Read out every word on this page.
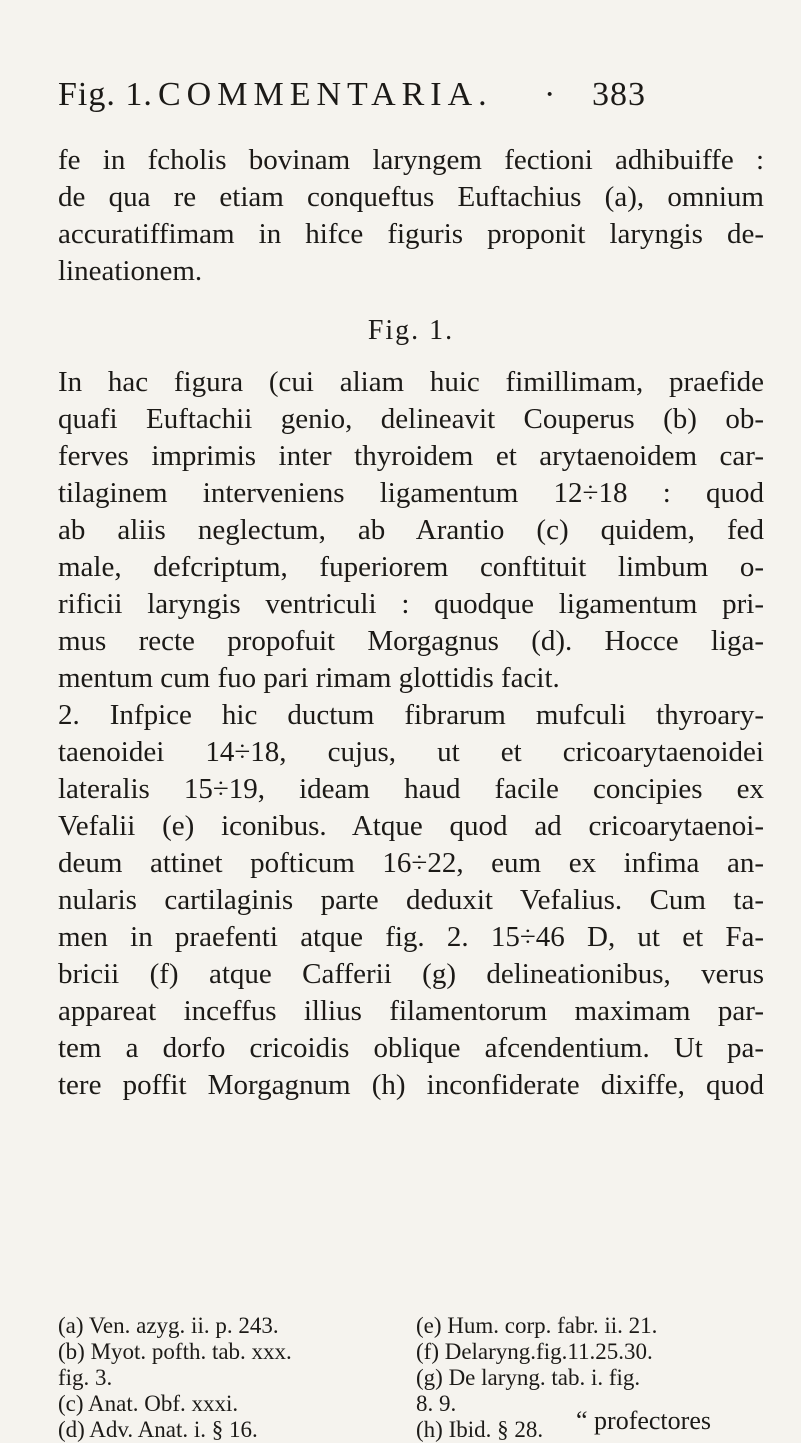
Fig. 1. COMMENTARIA. · 383
fe in fcholis bovinam laryngem fectioni adhibuiffe :
de qua re etiam conqueftus Euftachius (a), omnium
accuratiffimam in hifce figuris proponit laryngis de-
lineationem.
Fig. 1.
In hac figura (cui aliam huic fimillimam, praefide
quafi Euftachii genio, delineavit Couperus (b) ob-
ferves imprimis inter thyroidem et arytaenoidem car-
tilaginem interveniens ligamentum 12÷18 : quod
ab aliis neglectum, ab Arantio (c) quidem, fed
male, defcriptum, fuperiorem conftituit limbum o-
rificii laryngis ventriculi : quodque ligamentum pri-
mus recte propofuit Morgagnus (d). Hocce liga-
mentum cum fuo pari rimam glottidis facit.
2. Infpice hic ductum fibrarum mufculi thyroary-
taenoidei 14÷18, cujus, ut et cricoarytaenoidei
lateralis 15÷19, ideam haud facile concipies ex
Vefalii (e) iconibus. Atque quod ad cricoarytaenoi-
deum attinet pofticum 16÷22, eum ex infima an-
nularis cartilaginis parte deduxit Vefalius. Cum ta-
men in praefenti atque fig. 2. 15÷46 D, ut et Fa-
bricii (f) atque Cafferii (g) delineationibus, verus
appareat inceffus illius filamentorum maximam par-
tem a dorfo cricoidis oblique afcendentium. Ut pa-
tere poffit Morgagnum (h) inconfiderate dixiffe, quod
(a) Ven. azyg. ii. p. 243.
(b) Myot. pofth. tab. xxx.
fig. 3.
(c) Anat. Obf. xxxi.
(d) Adv. Anat. i. § 16.
(e) Hum. corp. fabr. ii. 21.
(f) Delaryng.fig.11.25.30.
(g) De laryng. tab. i. fig.
8. 9.
(h) Ibid. § 28.	“ profectores
